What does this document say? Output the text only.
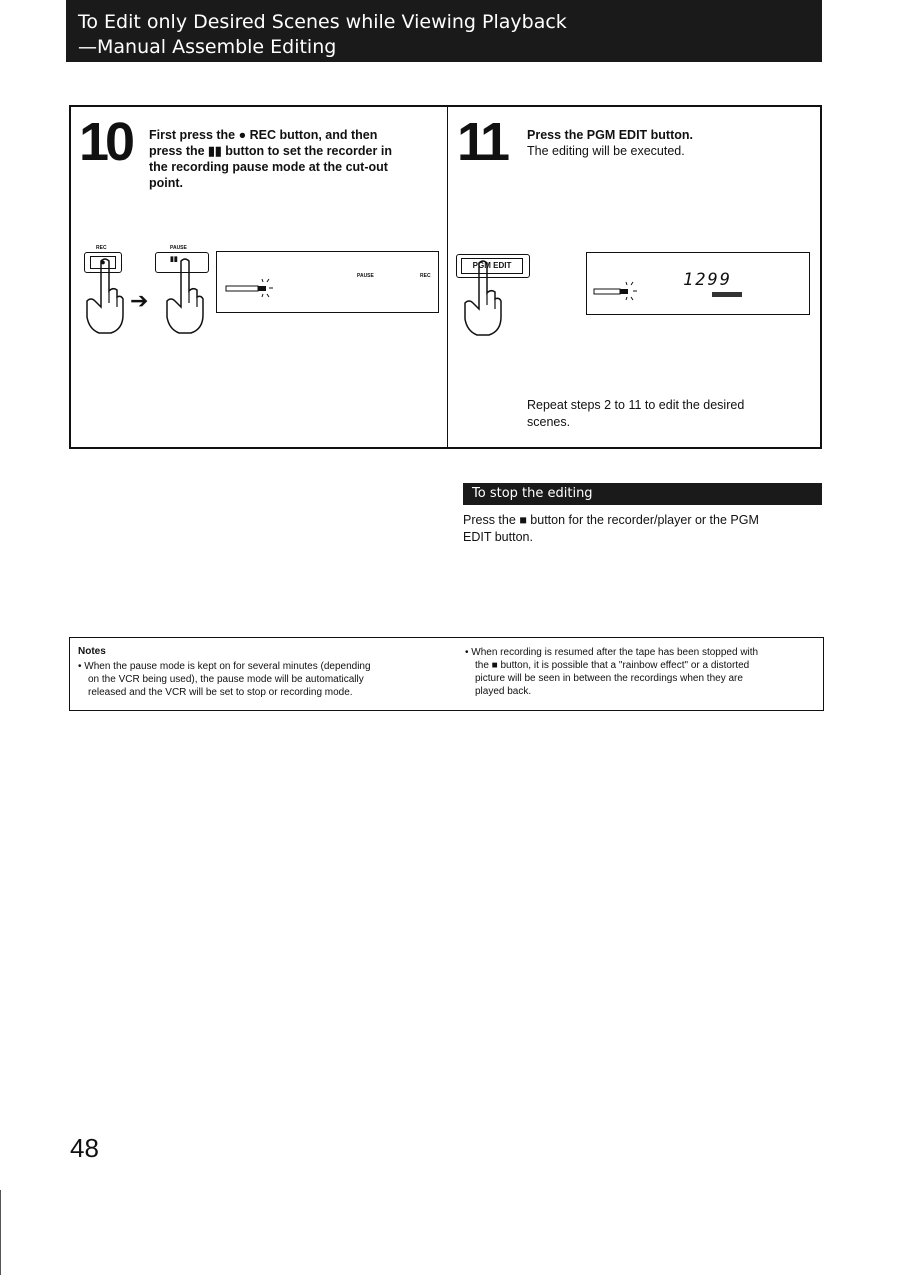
To Edit only Desired Scenes while Viewing Playback
—Manual Assemble Editing
10 First press the ● REC button, and then
press the ▮▮ button to set the recorder in
the recording pause mode at the cut-out
point.
REC	PAUSE
●
➔
▮▮
PAUSE	REC
11 Press the PGM EDIT button.
The editing will be executed.
PGM EDIT
1299
Repeat steps 2 to 11 to edit the desired
scenes.
To stop the editing
Press the ■ button for the recorder/player or the PGM
EDIT button.
Notes
• When the pause mode is kept on for several minutes (depending
on the VCR being used), the pause mode will be automatically
released and the VCR will be set to stop or recording mode.
• When recording is resumed after the tape has been stopped with
the ■ button, it is possible that a "rainbow effect" or a distorted
picture will be seen in between the recordings when they are
played back.
48
